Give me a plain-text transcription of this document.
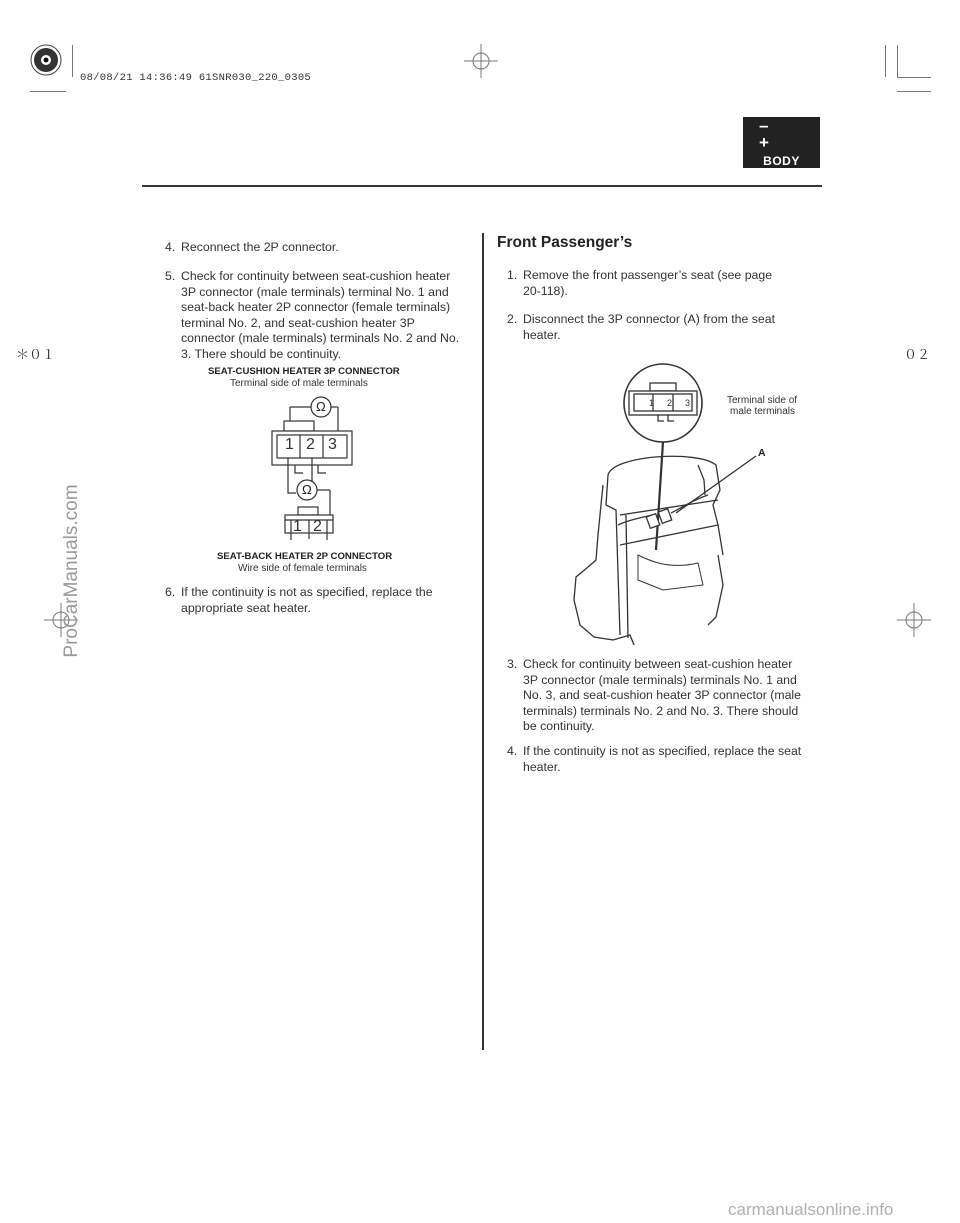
08/08/21 14:36:49 61SNR030_220_0305
– +
BODY
＊０１	０２
4. Reconnect the 2P connector.
5. Check for continuity between seat-cushion heater 3P connector (male terminals) terminal No. 1 and seat-back heater 2P connector (female terminals) terminal No. 2, and seat-cushion heater 3P connector (male terminals) terminals No. 2 and No. 3. There should be continuity.
6. If the continuity is not as specified, replace the appropriate seat heater.
SEAT-CUSHION HEATER 3P CONNECTOR
Terminal side of male terminals
Ω
Ω
1 2 3
1 2
SEAT-BACK HEATER 2P CONNECTOR
Wire side of female terminals
Front Passenger’s
1. Remove the front passenger’s seat (see page 20-118).
2. Disconnect the 3P connector (A) from the seat heater.
3. Check for continuity between seat-cushion heater 3P connector (male terminals) terminals No. 1 and No. 3, and seat-cushion heater 3P connector (male terminals) terminals No. 2 and No. 3. There should be continuity.
4. If the continuity is not as specified, replace the seat heater.
Terminal side of
male terminals
A
1 2 3
ProCarManuals.com
carmanualsonline.info
